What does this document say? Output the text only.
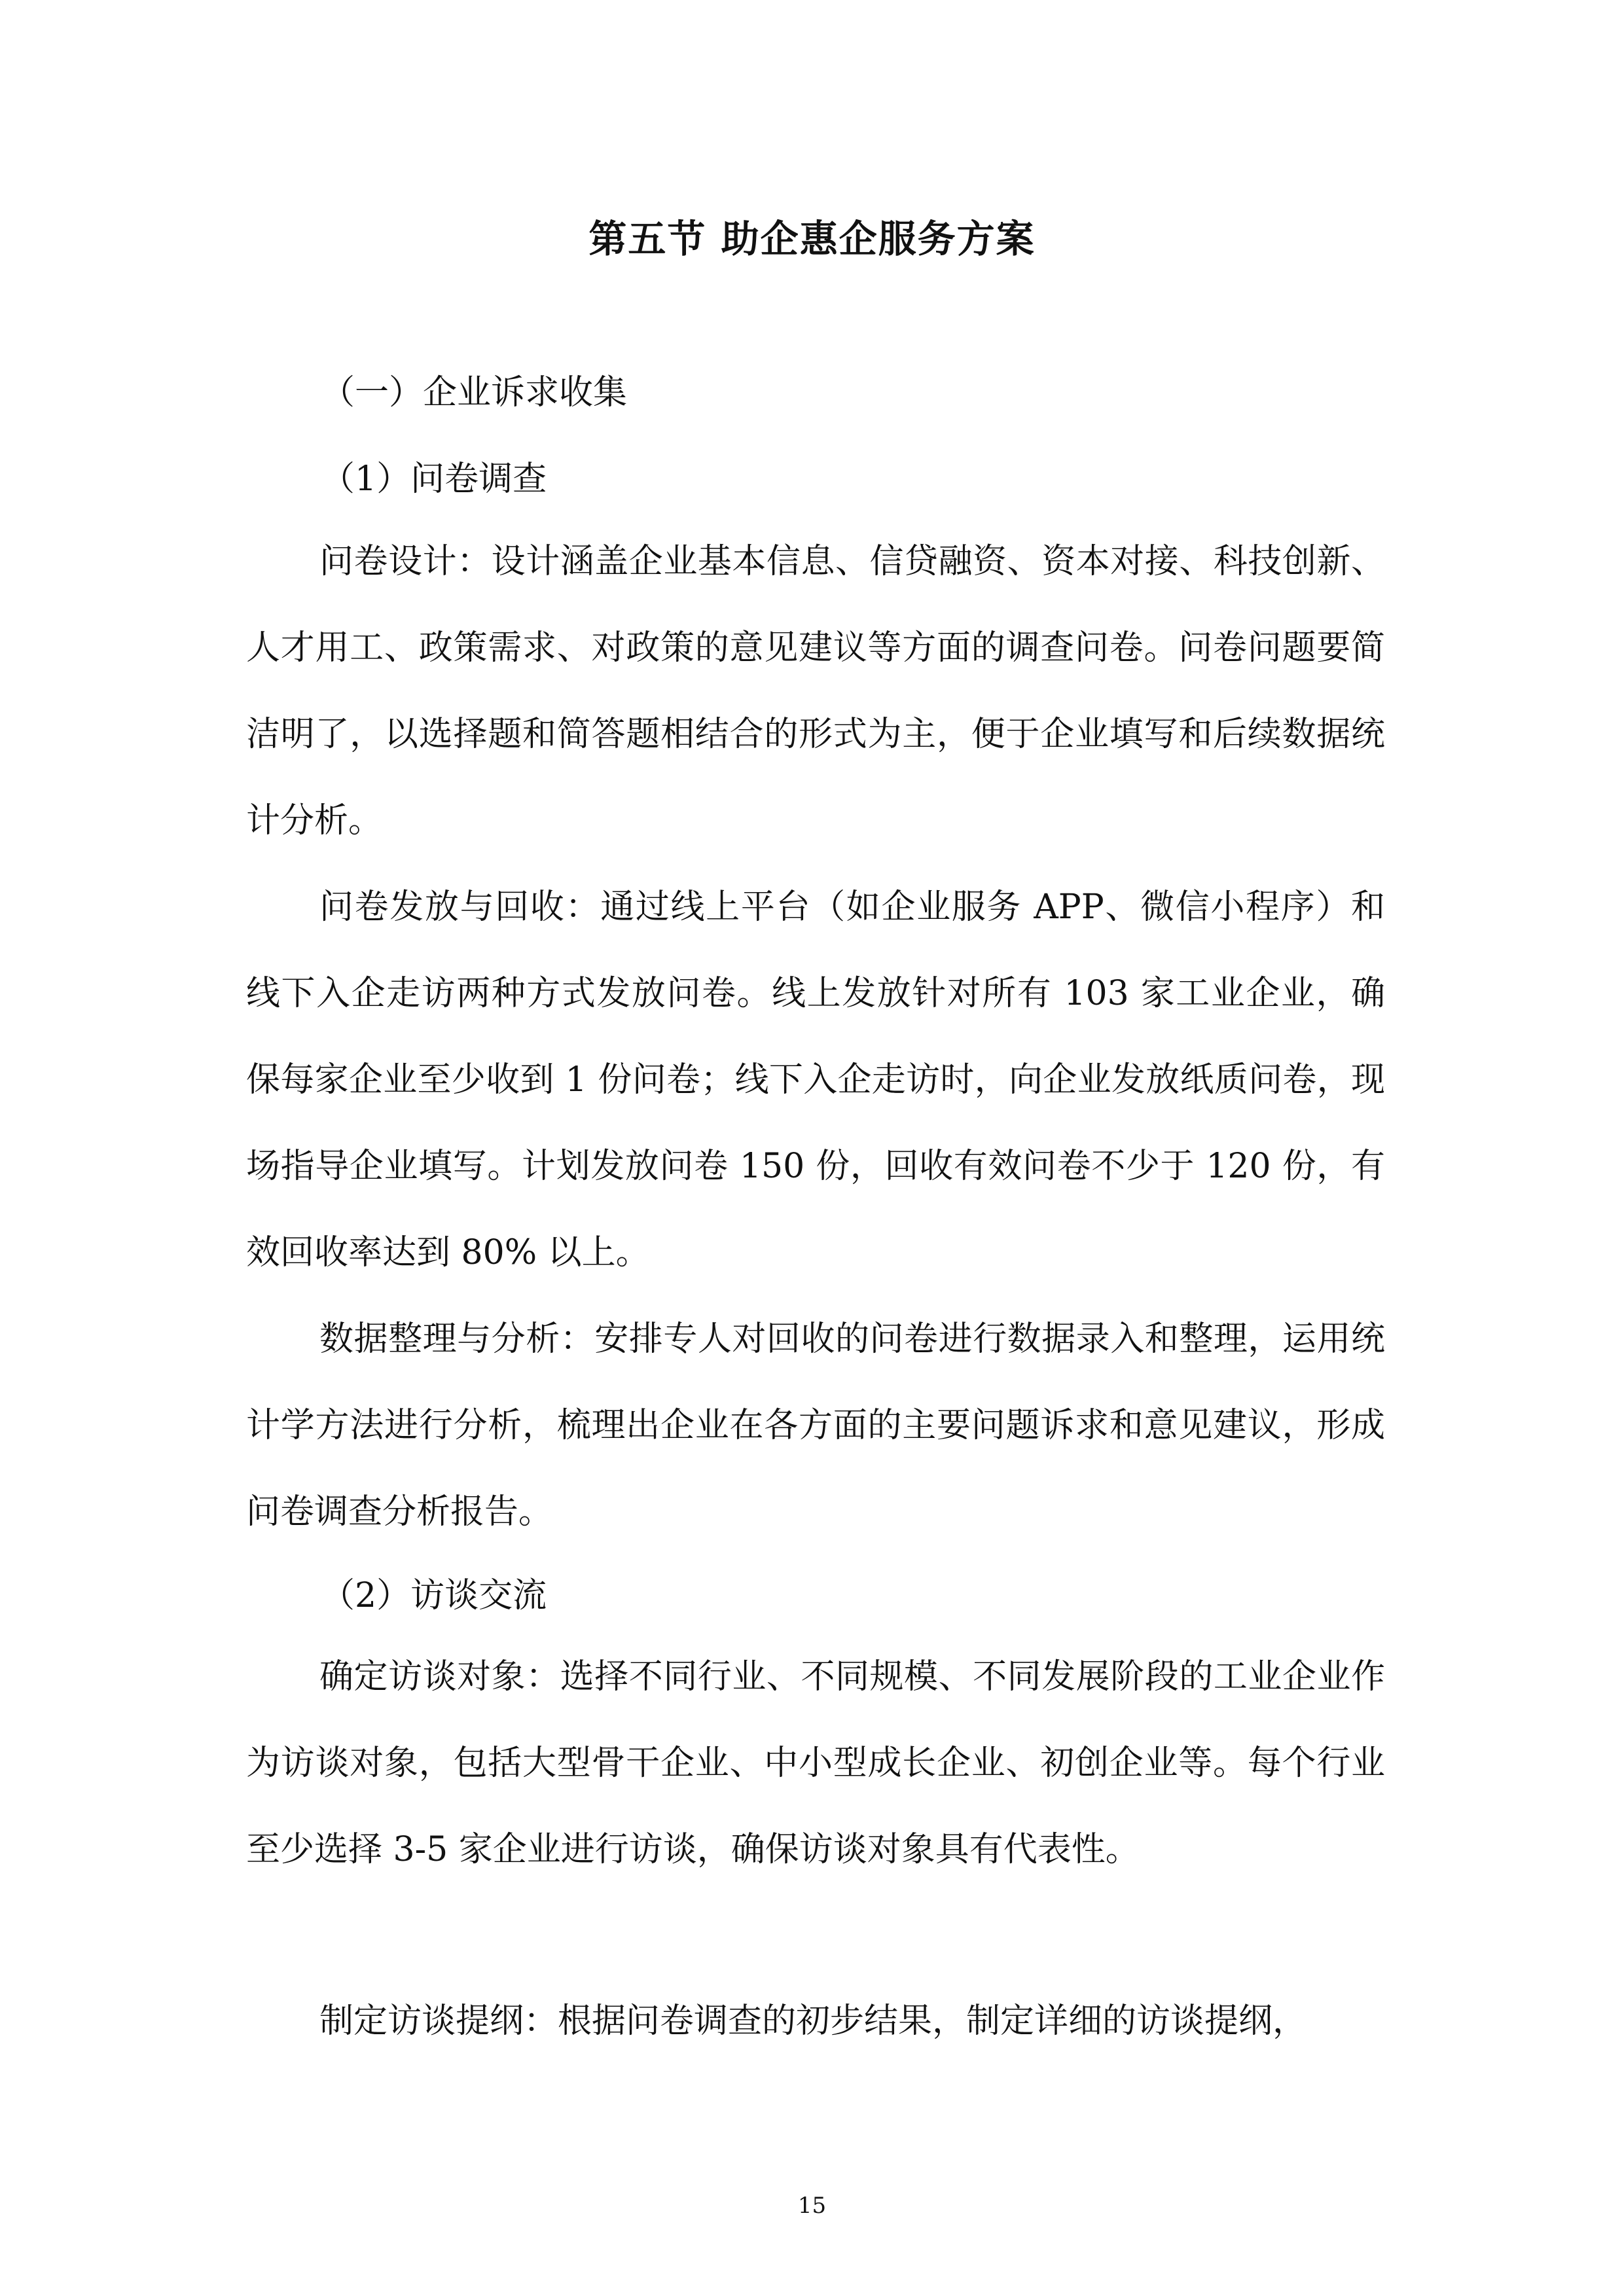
第五节 助企惠企服务方案
（一）企业诉求收集
（1）问卷调查

问卷设计：设计涵盖企业基本信息、信贷融资、资本对接、科技创新、人才用工、政策需求、对政策的意见建议等方面的调查问卷。问卷问题要简洁明了，以选择题和简答题相结合的形式为主，便于企业填写和后续数据统计分析。

问卷发放与回收：通过线上平台（如企业服务 APP、微信小程序）和线下入企走访两种方式发放问卷。线上发放针对所有 103 家工业企业，确保每家企业至少收到 1 份问卷；线下入企走访时，向企业发放纸质问卷，现场指导企业填写。计划发放问卷 150 份，回收有效问卷不少于 120 份，有效回收率达到 80% 以上。

数据整理与分析：安排专人对回收的问卷进行数据录入和整理，运用统计学方法进行分析，梳理出企业在各方面的主要问题诉求和意见建议，形成问卷调查分析报告。

（2）访谈交流

确定访谈对象：选择不同行业、不同规模、不同发展阶段的工业企业作为访谈对象，包括大型骨干企业、中小型成长企业、初创企业等。每个行业至少选择 3-5 家企业进行访谈，确保访谈对象具有代表性。

制定访谈提纲：根据问卷调查的初步结果，制定详细的访谈提纲，

15
